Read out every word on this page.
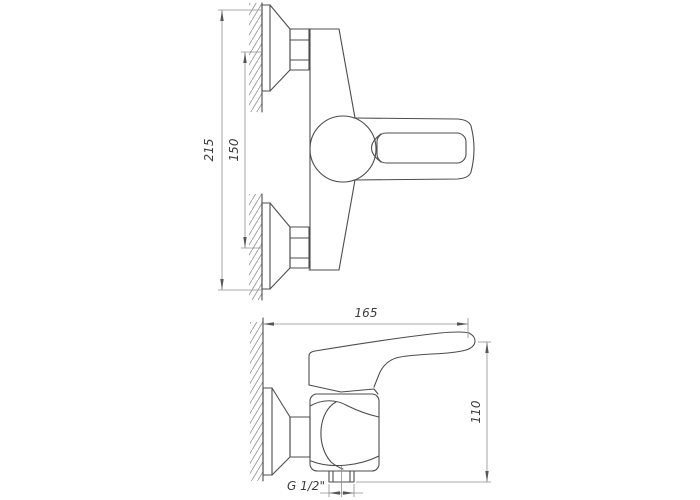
215 150
165
110
G 1/2"
